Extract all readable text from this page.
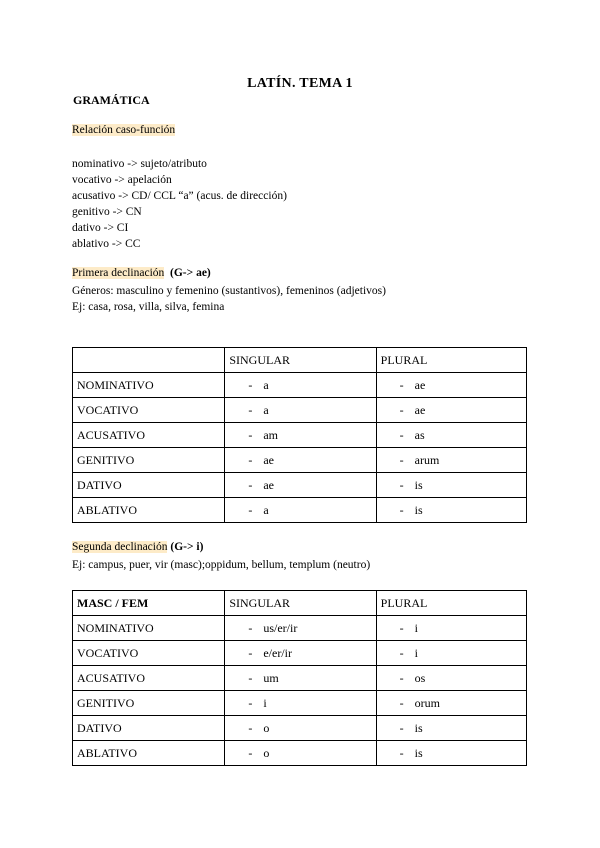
LATÍN. TEMA 1
GRAMÁTICA
Relación caso-función
nominativo -> sujeto/atributo
vocativo -> apelación
acusativo -> CD/ CCL “a” (acus. de dirección)
genitivo -> CN
dativo -> CI
ablativo -> CC
Primera declinación (G-> ae)
Géneros: masculino y femenino (sustantivos), femeninos (adjetivos)
Ej: casa, rosa, villa, silva, femina
	SINGULAR	PLURAL
NOMINATIVO	- a	- ae
VOCATIVO	- a	- ae
ACUSATIVO	- am	- as
GENITIVO	- ae	- arum
DATIVO	- ae	- is
ABLATIVO	- a	- is
Segunda declinación (G-> i)
Ej: campus, puer, vir (masc);oppidum, bellum, templum (neutro)
MASC / FEM	SINGULAR	PLURAL
NOMINATIVO	- us/er/ir	- i
VOCATIVO	- e/er/ir	- i
ACUSATIVO	- um	- os
GENITIVO	- i	- orum
DATIVO	- o	- is
ABLATIVO	- o	- is
